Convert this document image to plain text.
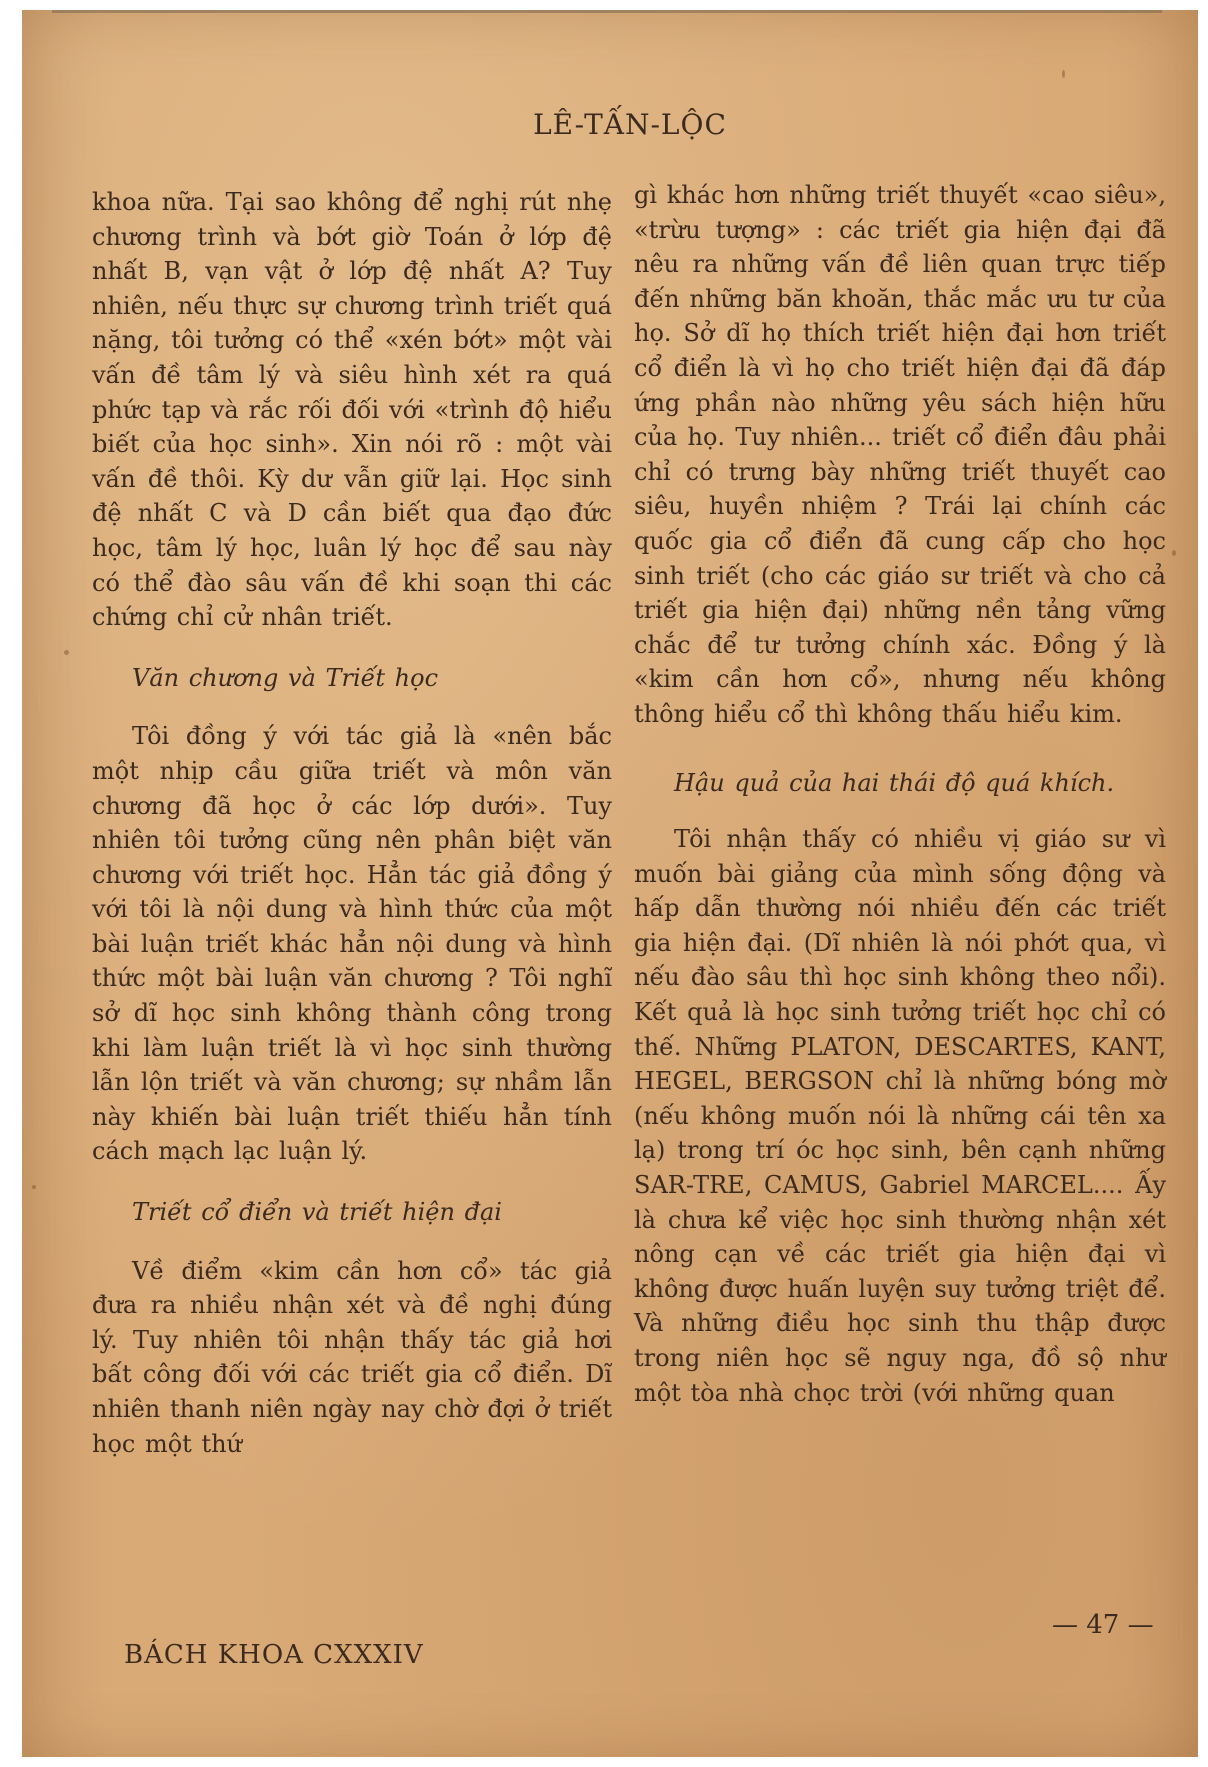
LÊ-TẤN-LỘC

khoa nữa. Tại sao không để nghị rút nhẹ chương trình và bớt giờ Toán ở lớp đệ nhất B, vạn vật ở lớp đệ nhất A? Tuy nhiên, nếu thực sự chương trình triết quá nặng, tôi tưởng có thể «xén bớt» một vài vấn đề tâm lý và siêu hình xét ra quá phức tạp và rắc rối đối với «trình độ hiểu biết của học sinh». Xin nói rõ : một vài vấn đề thôi. Kỳ dư vẫn giữ lại. Học sinh đệ nhất C và D cần biết qua đạo đức học, tâm lý học, luân lý học để sau này có thể đào sâu vấn đề khi soạn thi các chứng chỉ cử nhân triết.

Văn chương và Triết học

Tôi đồng ý với tác giả là «nên bắc một nhịp cầu giữa triết và môn văn chương đã học ở các lớp dưới». Tuy nhiên tôi tưởng cũng nên phân biệt văn chương với triết học. Hẳn tác giả đồng ý với tôi là nội dung và hình thức của một bài luận triết khác hẳn nội dung và hình thức một bài luận văn chương ? Tôi nghĩ sở dĩ học sinh không thành công trong khi làm luận triết là vì học sinh thường lẫn lộn triết và văn chương; sự nhầm lẫn này khiến bài luận triết thiếu hẳn tính cách mạch lạc luận lý.

Triết cổ điển và triết hiện đại

Về điểm «kim cần hơn cổ» tác giả đưa ra nhiều nhận xét và đề nghị đúng lý. Tuy nhiên tôi nhận thấy tác giả hơi bất công đối với các triết gia cổ điển. Dĩ nhiên thanh niên ngày nay chờ đợi ở triết học một thứ

gì khác hơn những triết thuyết «cao siêu», «trừu tượng» : các triết gia hiện đại đã nêu ra những vấn đề liên quan trực tiếp đến những băn khoăn, thắc mắc ưu tư của họ. Sở dĩ họ thích triết hiện đại hơn triết cổ điển là vì họ cho triết hiện đại đã đáp ứng phần nào những yêu sách hiện hữu của họ. Tuy nhiên... triết cổ điển đâu phải chỉ có trưng bày những triết thuyết cao siêu, huyền nhiệm ? Trái lại chính các quốc gia cổ điển đã cung cấp cho học sinh triết (cho các giáo sư triết và cho cả triết gia hiện đại) những nền tảng vững chắc để tư tưởng chính xác. Đồng ý là «kim cần hơn cổ», nhưng nếu không thông hiểu cổ thì không thấu hiểu kim.

Hậu quả của hai thái độ quá khích.

Tôi nhận thấy có nhiều vị giáo sư vì muốn bài giảng của mình sống động và hấp dẫn thường nói nhiều đến các triết gia hiện đại. (Dĩ nhiên là nói phớt qua, vì nếu đào sâu thì học sinh không theo nổi). Kết quả là học sinh tưởng triết học chỉ có thế. Những PLATON, DESCARTES, KANT, HEGEL, BERGSON chỉ là những bóng mờ (nếu không muốn nói là những cái tên xa lạ) trong trí óc học sinh, bên cạnh những SAR-TRE, CAMUS, Gabriel MARCEL.... Ấy là chưa kể việc học sinh thường nhận xét nông cạn về các triết gia hiện đại vì không được huấn luyện suy tưởng triệt để. Và những điều học sinh thu thập được trong niên học sẽ nguy nga, đồ sộ như một tòa nhà chọc trời (với những quan

— 47 —
BÁCH KHOA CXXXIV
